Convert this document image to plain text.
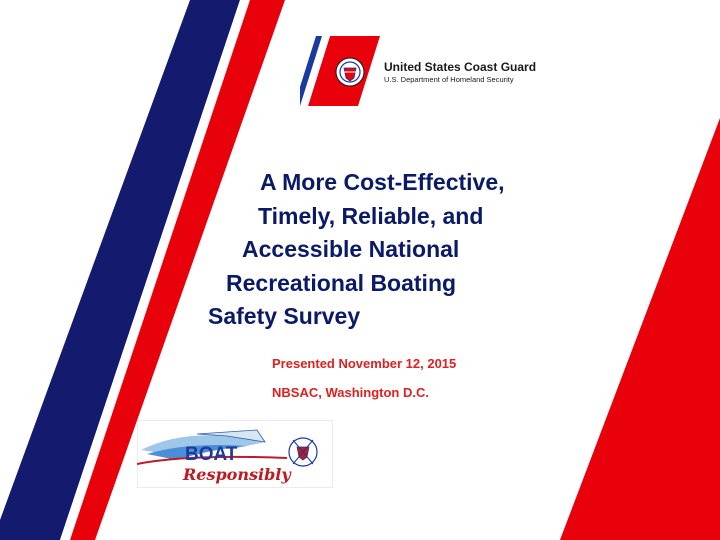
United States Coast Guard
U.S. Department of Homeland Security
A More Cost-Effective,
Timely, Reliable, and
Accessible National
Recreational Boating
Safety Survey
Presented November 12, 2015
NBSAC, Washington D.C.
BOAT
Responsibly
